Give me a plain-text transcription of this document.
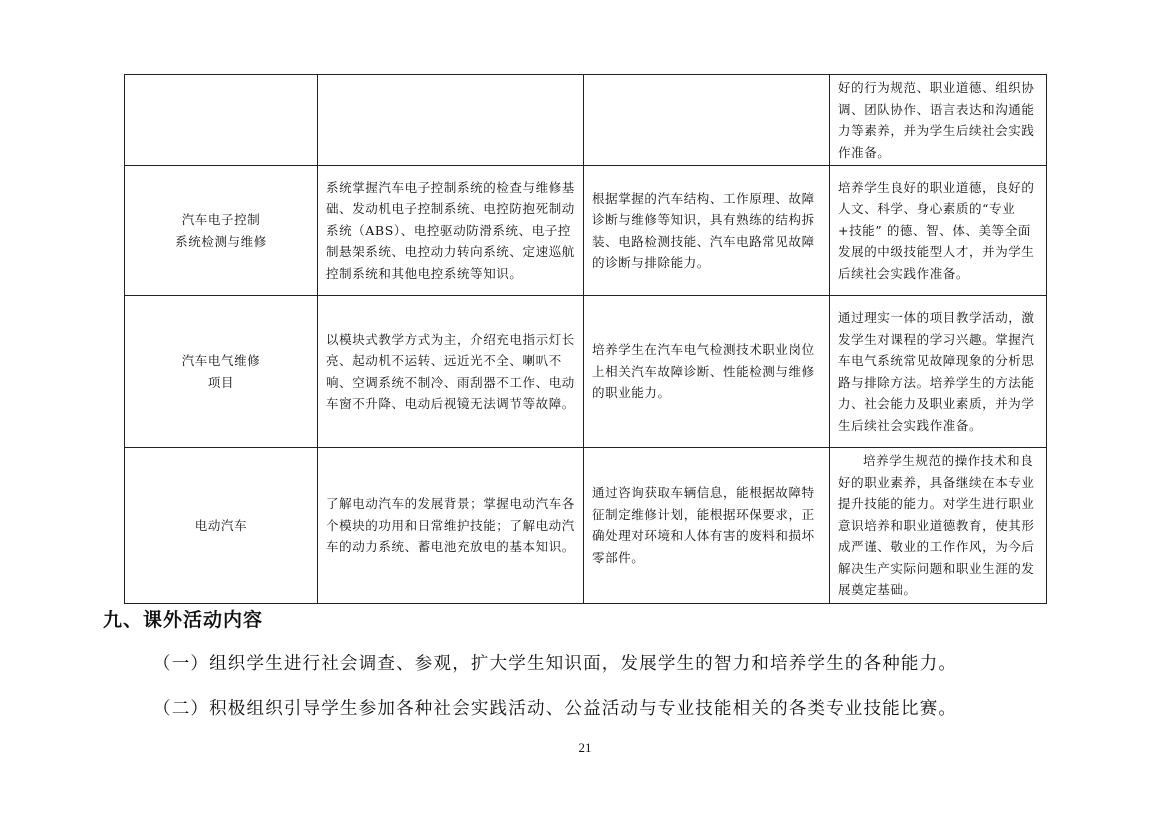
			好的行为规范、职业道德、组织协调、团队协作、语言表达和沟通能力等素养，并为学生后续社会实践作准备。

汽车电子控制
系统检测与维修	系统掌握汽车电子控制系统的检查与维修基础、发动机电子控制系统、电控防抱死制动系统（ABS）、电控驱动防滑系统、电子控制悬架系统、电控动力转向系统、定速巡航控制系统和其他电控系统等知识。	根据掌握的汽车结构、工作原理、故障诊断与维修等知识，具有熟练的结构拆装、电路检测技能、汽车电路常见故障的诊断与排除能力。	培养学生良好的职业道德，良好的人文、科学、身心素质的“专业+技能” 的德、智、体、美等全面发展的中级技能型人才，并为学生后续社会实践作准备。

汽车电气维修
项目	以模块式教学方式为主，介绍充电指示灯长亮、起动机不运转、远近光不全、喇叭不响、空调系统不制冷、雨刮器不工作、电动车窗不升降、电动后视镜无法调节等故障。	培养学生在汽车电气检测技术职业岗位上相关汽车故障诊断、性能检测与维修的职业能力。	通过理实一体的项目教学活动，激发学生对课程的学习兴趣。掌握汽车电气系统常见故障现象的分析思路与排除方法。培养学生的方法能力、社会能力及职业素质，并为学生后续社会实践作准备。

电动汽车	了解电动汽车的发展背景；掌握电动汽车各个模块的功用和日常维护技能；了解电动汽车的动力系统、蓄电池充放电的基本知识。	通过咨询获取车辆信息，能根据故障特征制定维修计划，能根据环保要求，正确处理对环境和人体有害的废料和损坏零部件。	培养学生规范的操作技术和良好的职业素养，具备继续在本专业提升技能的能力。对学生进行职业意识培养和职业道德教育，使其形成严谨、敬业的工作作风，为今后解决生产实际问题和职业生涯的发展奠定基础。
九、课外活动内容
（一）组织学生进行社会调查、参观，扩大学生知识面，发展学生的智力和培养学生的各种能力。
（二）积极组织引导学生参加各种社会实践活动、公益活动与专业技能相关的各类专业技能比赛。
21
